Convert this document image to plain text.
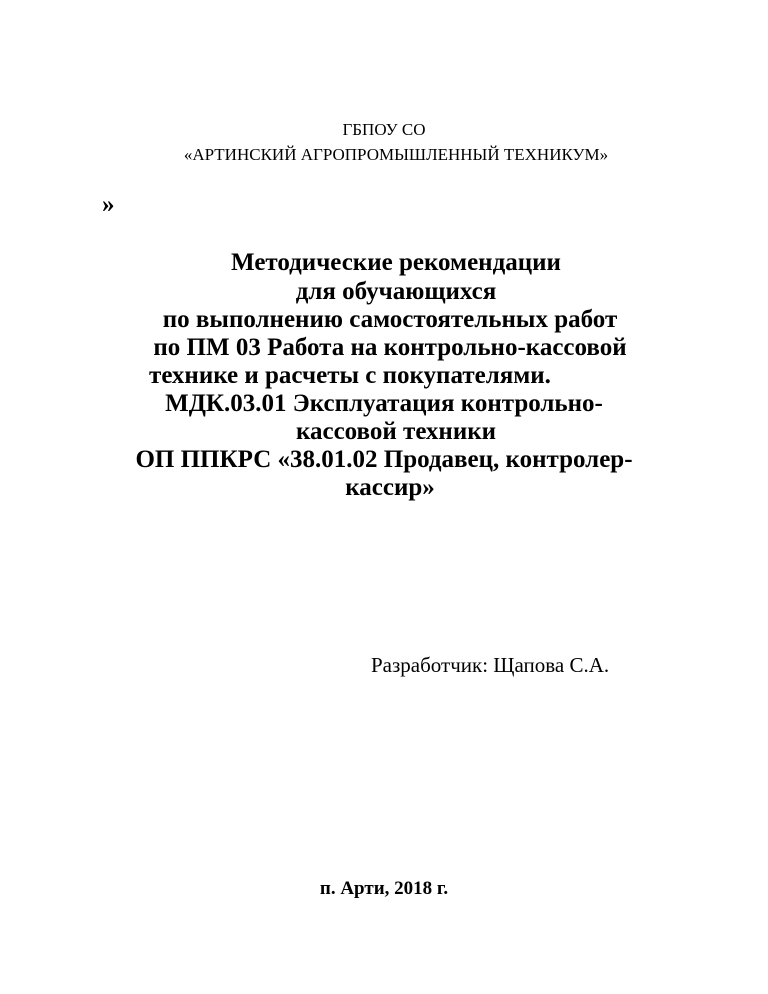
ГБПОУ СО
«АРТИНСКИЙ АГРОПРОМЫШЛЕННЫЙ ТЕХНИКУМ»
»
Методические рекомендации
для обучающихся
по выполнению самостоятельных работ
по ПМ 03 Работа на контрольно-кассовой
технике и расчеты с покупателями.
МДК.03.01 Эксплуатация контрольно-
кассовой техники
ОП ППКРС «38.01.02 Продавец, контролер-
кассир»
Разработчик: Щапова С.А.
п. Арти, 2018 г.
